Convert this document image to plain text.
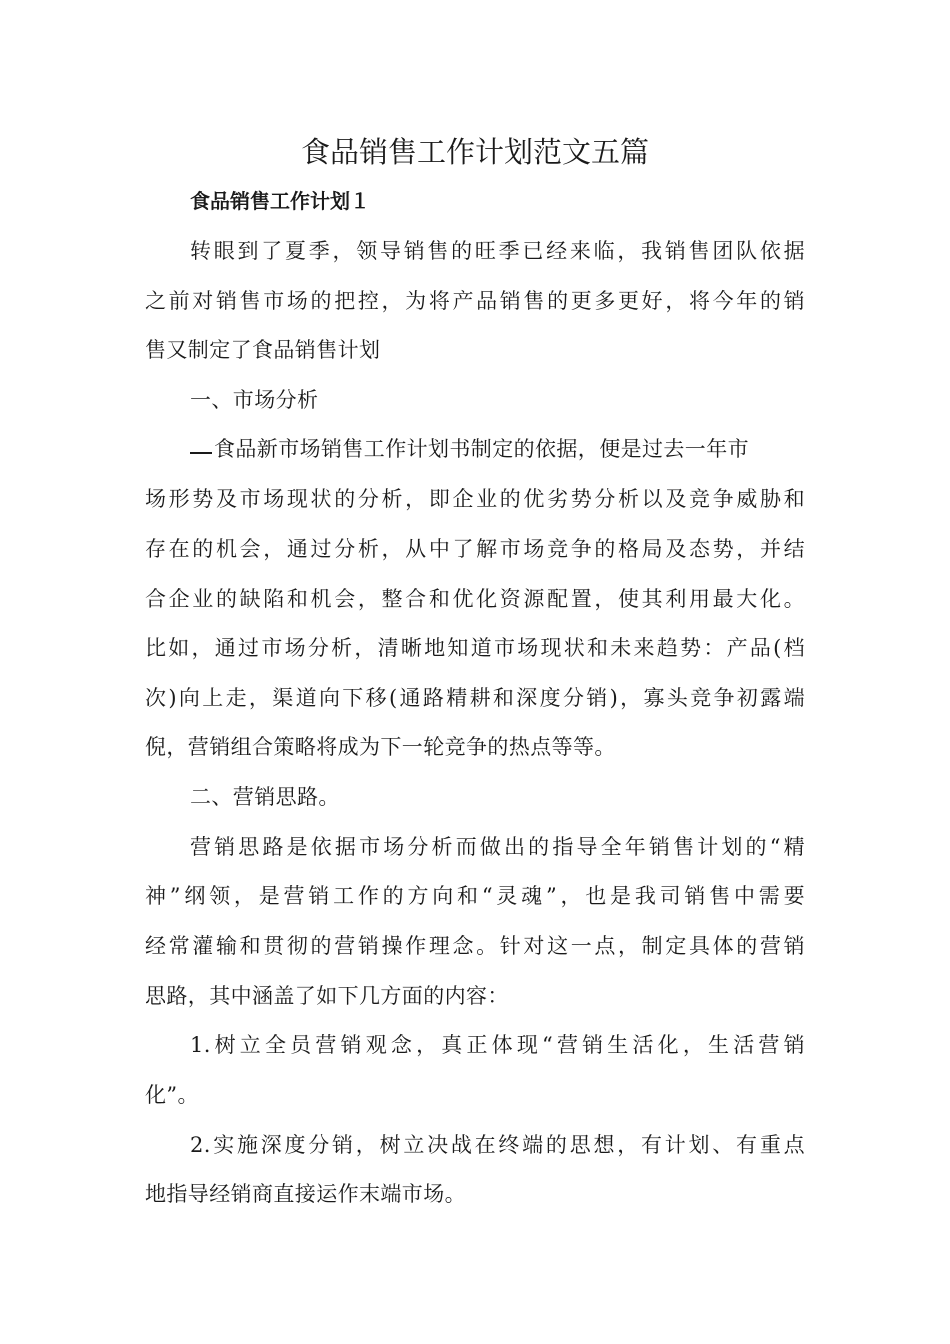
食品销售工作计划范文五篇
食品销售工作计划１
转眼到了夏季，领导销售的旺季已经来临，我销售团队依据
之前对销售市场的把控，为将产品销售的更多更好，将今年的销
售又制定了食品销售计划
一、市场分析
食品新市场销售工作计划书制定的依据，便是过去一年市
场形势及市场现状的分析，即企业的优劣势分析以及竞争威胁和
存在的机会，通过分析，从中了解市场竞争的格局及态势，并结
合企业的缺陷和机会，整合和优化资源配置，使其利用最大化。
比如，通过市场分析，清晰地知道市场现状和未来趋势：产品(档
次)向上走，渠道向下移(通路精耕和深度分销)，寡头竞争初露端
倪，营销组合策略将成为下一轮竞争的热点等等。
二、营销思路。
营销思路是依据市场分析而做出的指导全年销售计划的“精
神”纲领，是营销工作的方向和“灵魂”，也是我司销售中需要
经常灌输和贯彻的营销操作理念。针对这一点，制定具体的营销
思路，其中涵盖了如下几方面的内容：
1.树立全员营销观念，真正体现“营销生活化，生活营销
化”。
2.实施深度分销，树立决战在终端的思想，有计划、有重点
地指导经销商直接运作末端市场。
